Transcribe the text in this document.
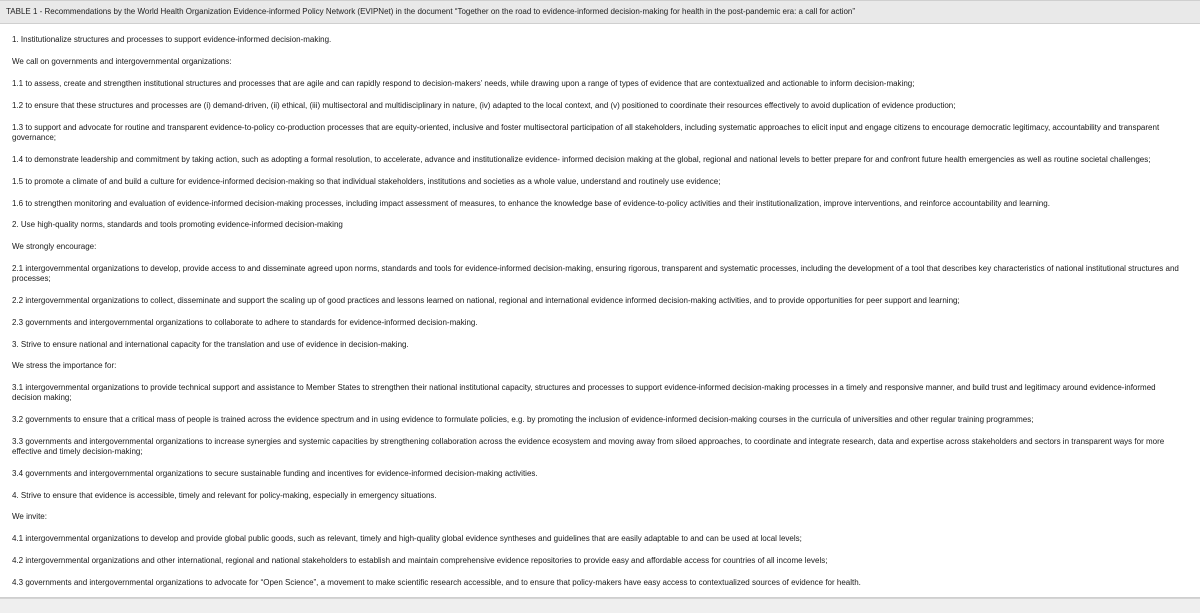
TABLE 1 - Recommendations by the World Health Organization Evidence-informed Policy Network (EVIPNet) in the document “Together on the road to evidence-informed decision-making for health in the post-pandemic era: a call for action”

1. Institutionalize structures and processes to support evidence-informed decision-making.

We call on governments and intergovernmental organizations:

1.1 to assess, create and strengthen institutional structures and processes that are agile and can rapidly respond to decision-makers’ needs, while drawing upon a range of types of evidence that are contextualized and actionable to inform decision-making;

1.2 to ensure that these structures and processes are (i) demand-driven, (ii) ethical, (iii) multisectoral and multidisciplinary in nature, (iv) adapted to the local context, and (v) positioned to coordinate their resources effectively to avoid duplication of evidence production;

1.3 to support and advocate for routine and transparent evidence-to-policy co-production processes that are equity-oriented, inclusive and foster multisectoral participation of all stakeholders, including systematic approaches to elicit input and engage citizens to encourage democratic legitimacy, accountability and transparent governance;

1.4 to demonstrate leadership and commitment by taking action, such as adopting a formal resolution, to accelerate, advance and institutionalize evidence- informed decision making at the global, regional and national levels to better prepare for and confront future health emergencies as well as routine societal challenges;

1.5 to promote a climate of and build a culture for evidence-informed decision-making so that individual stakeholders, institutions and societies as a whole value, understand and routinely use evidence;

1.6 to strengthen monitoring and evaluation of evidence-informed decision-making processes, including impact assessment of measures, to enhance the knowledge base of evidence-to-policy activities and their institutionalization, improve interventions, and reinforce accountability and learning.

2. Use high-quality norms, standards and tools promoting evidence-informed decision-making

We strongly encourage:

2.1 intergovernmental organizations to develop, provide access to and disseminate agreed upon norms, standards and tools for evidence-informed decision-making, ensuring rigorous, transparent and systematic processes, including the development of a tool that describes key characteristics of national institutional structures and processes;

2.2 intergovernmental organizations to collect, disseminate and support the scaling up of good practices and lessons learned on national, regional and international evidence informed decision-making activities, and to provide opportunities for peer support and learning;

2.3 governments and intergovernmental organizations to collaborate to adhere to standards for evidence-informed decision-making.

3. Strive to ensure national and international capacity for the translation and use of evidence in decision-making.

We stress the importance for:

3.1 intergovernmental organizations to provide technical support and assistance to Member States to strengthen their national institutional capacity, structures and processes to support evidence-informed decision-making processes in a timely and responsive manner, and build trust and legitimacy around evidence-informed decision making;

3.2 governments to ensure that a critical mass of people is trained across the evidence spectrum and in using evidence to formulate policies, e.g. by promoting the inclusion of evidence-informed decision-making courses in the curricula of universities and other regular training programmes;

3.3 governments and intergovernmental organizations to increase synergies and systemic capacities by strengthening collaboration across the evidence ecosystem and moving away from siloed approaches, to coordinate and integrate research, data and expertise across stakeholders and sectors in transparent ways for more effective and timely decision-making;

3.4 governments and intergovernmental organizations to secure sustainable funding and incentives for evidence-informed decision-making activities.

4. Strive to ensure that evidence is accessible, timely and relevant for policy-making, especially in emergency situations.

We invite:

4.1 intergovernmental organizations to develop and provide global public goods, such as relevant, timely and high-quality global evidence syntheses and guidelines that are easily adaptable to and can be used at local levels;

4.2 intergovernmental organizations and other international, regional and national stakeholders to establish and maintain comprehensive evidence repositories to provide easy and affordable access for countries of all income levels;

4.3 governments and intergovernmental organizations to advocate for “Open Science”, a movement to make scientific research accessible, and to ensure that policy-makers have easy access to contextualized sources of evidence for health.
